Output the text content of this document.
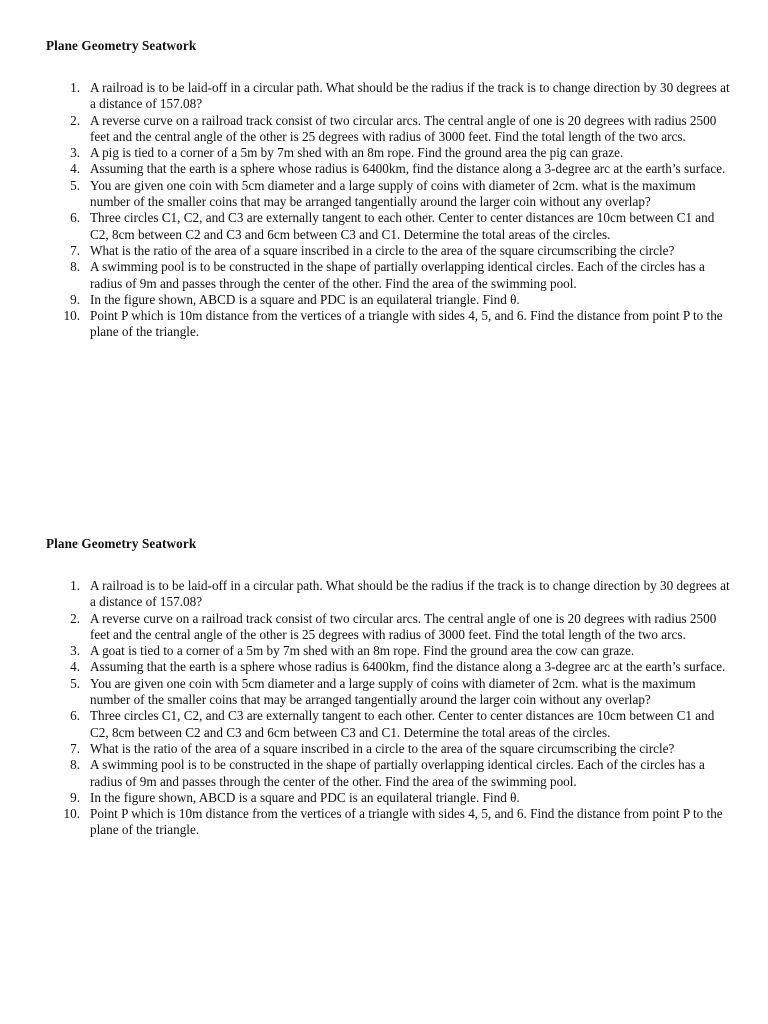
Plane Geometry Seatwork
1. A railroad is to be laid-off in a circular path. What should be the radius if the track is to change direction by 30 degrees at a distance of 157.08?
2. A reverse curve on a railroad track consist of two circular arcs. The central angle of one is 20 degrees with radius 2500 feet and the central angle of the other is 25 degrees with radius of 3000 feet. Find the total length of the two arcs.
3. A pig is tied to a corner of a 5m by 7m shed with an 8m rope. Find the ground area the pig can graze.
4. Assuming that the earth is a sphere whose radius is 6400km, find the distance along a 3-degree arc at the earth’s surface.
5. You are given one coin with 5cm diameter and a large supply of coins with diameter of 2cm. what is the maximum number of the smaller coins that may be arranged tangentially around the larger coin without any overlap?
6. Three circles C1, C2, and C3 are externally tangent to each other. Center to center distances are 10cm between C1 and C2, 8cm between C2 and C3 and 6cm between C3 and C1. Determine the total areas of the circles.
7. What is the ratio of the area of a square inscribed in a circle to the area of the square circumscribing the circle?
8. A swimming pool is to be constructed in the shape of partially overlapping identical circles. Each of the circles has a radius of 9m and passes through the center of the other. Find the area of the swimming pool.
9. In the figure shown, ABCD is a square and PDC is an equilateral triangle. Find θ.
10. Point P which is 10m distance from the vertices of a triangle with sides 4, 5, and 6. Find the distance from point P to the plane of the triangle.
Plane Geometry Seatwork
1. A railroad is to be laid-off in a circular path. What should be the radius if the track is to change direction by 30 degrees at a distance of 157.08?
2. A reverse curve on a railroad track consist of two circular arcs. The central angle of one is 20 degrees with radius 2500 feet and the central angle of the other is 25 degrees with radius of 3000 feet. Find the total length of the two arcs.
3. A goat is tied to a corner of a 5m by 7m shed with an 8m rope. Find the ground area the cow can graze.
4. Assuming that the earth is a sphere whose radius is 6400km, find the distance along a 3-degree arc at the earth’s surface.
5. You are given one coin with 5cm diameter and a large supply of coins with diameter of 2cm. what is the maximum number of the smaller coins that may be arranged tangentially around the larger coin without any overlap?
6. Three circles C1, C2, and C3 are externally tangent to each other. Center to center distances are 10cm between C1 and C2, 8cm between C2 and C3 and 6cm between C3 and C1. Determine the total areas of the circles.
7. What is the ratio of the area of a square inscribed in a circle to the area of the square circumscribing the circle?
8. A swimming pool is to be constructed in the shape of partially overlapping identical circles. Each of the circles has a radius of 9m and passes through the center of the other. Find the area of the swimming pool.
9. In the figure shown, ABCD is a square and PDC is an equilateral triangle. Find θ.
10. Point P which is 10m distance from the vertices of a triangle with sides 4, 5, and 6. Find the distance from point P to the plane of the triangle.
